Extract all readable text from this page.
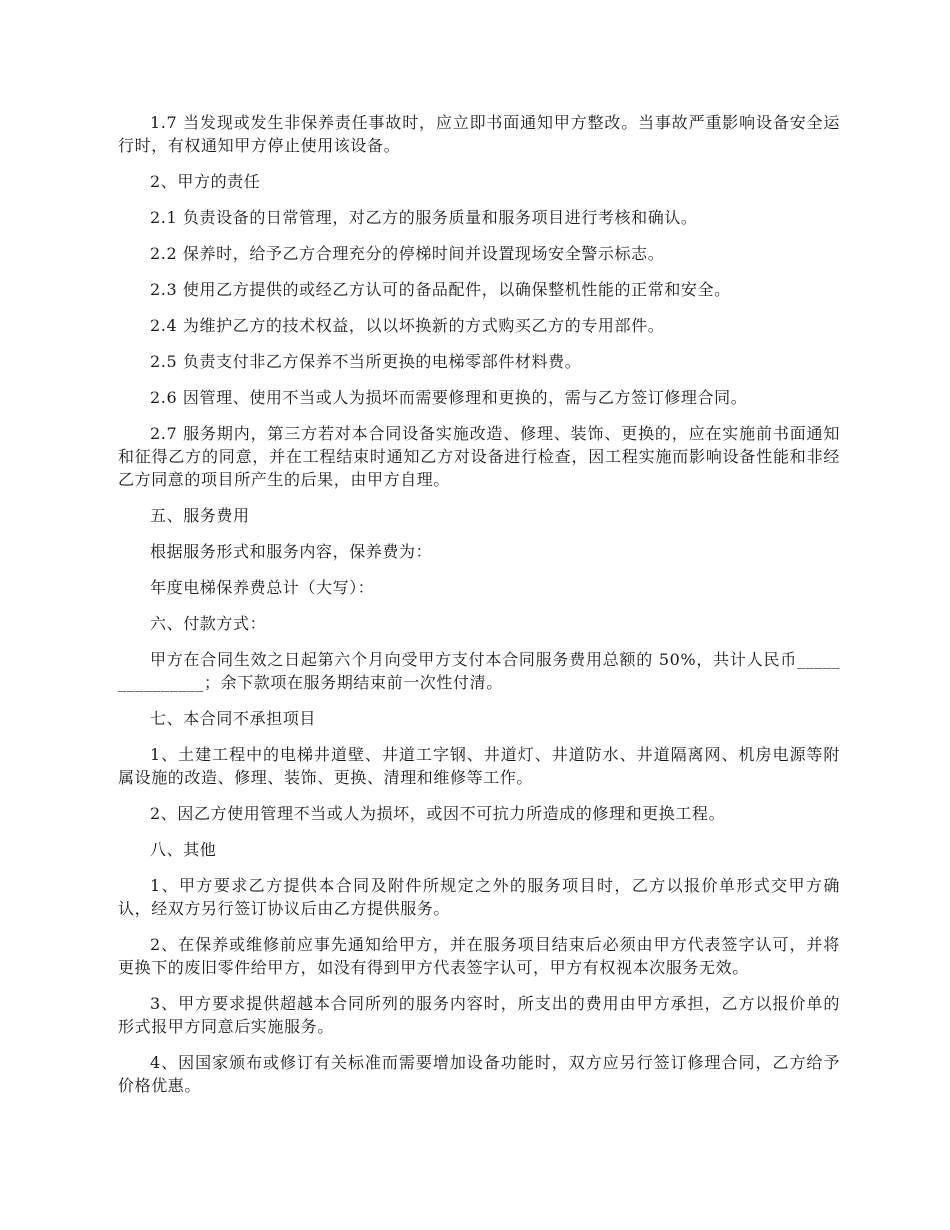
1.7 当发现或发生非保养责任事故时，应立即书面通知甲方整改。当事故严重影响设备安全运行时，有权通知甲方停止使用该设备。

2、甲方的责任

2.1 负责设备的日常管理，对乙方的服务质量和服务项目进行考核和确认。

2.2 保养时，给予乙方合理充分的停梯时间并设置现场安全警示标志。

2.3 使用乙方提供的或经乙方认可的备品配件，以确保整机性能的正常和安全。

2.4 为维护乙方的技术权益，以以坏换新的方式购买乙方的专用部件。

2.5 负责支付非乙方保养不当所更换的电梯零部件材料费。

2.6 因管理、使用不当或人为损坏而需要修理和更换的，需与乙方签订修理合同。

2.7 服务期内，第三方若对本合同设备实施改造、修理、装饰、更换的，应在实施前书面通知和征得乙方的同意，并在工程结束时通知乙方对设备进行检查，因工程实施而影响设备性能和非经乙方同意的项目所产生的后果，由甲方自理。

五、服务费用

根据服务形式和服务内容，保养费为：

年度电梯保养费总计（大写）：

六、付款方式：

甲方在合同生效之日起第六个月向受甲方支付本合同服务费用总额的 50%，共计人民币_______________；余下款项在服务期结束前一次性付清。

七、本合同不承担项目

1、土建工程中的电梯井道壁、井道工字钢、井道灯、井道防水、井道隔离网、机房电源等附属设施的改造、修理、装饰、更换、清理和维修等工作。

2、因乙方使用管理不当或人为损坏，或因不可抗力所造成的修理和更换工程。

八、其他

1、甲方要求乙方提供本合同及附件所规定之外的服务项目时，乙方以报价单形式交甲方确认，经双方另行签订协议后由乙方提供服务。

2、在保养或维修前应事先通知给甲方，并在服务项目结束后必须由甲方代表签字认可，并将更换下的废旧零件给甲方，如没有得到甲方代表签字认可，甲方有权视本次服务无效。

3、甲方要求提供超越本合同所列的服务内容时，所支出的费用由甲方承担，乙方以报价单的形式报甲方同意后实施服务。

4、因国家颁布或修订有关标准而需要增加设备功能时，双方应另行签订修理合同，乙方给予价格优惠。
